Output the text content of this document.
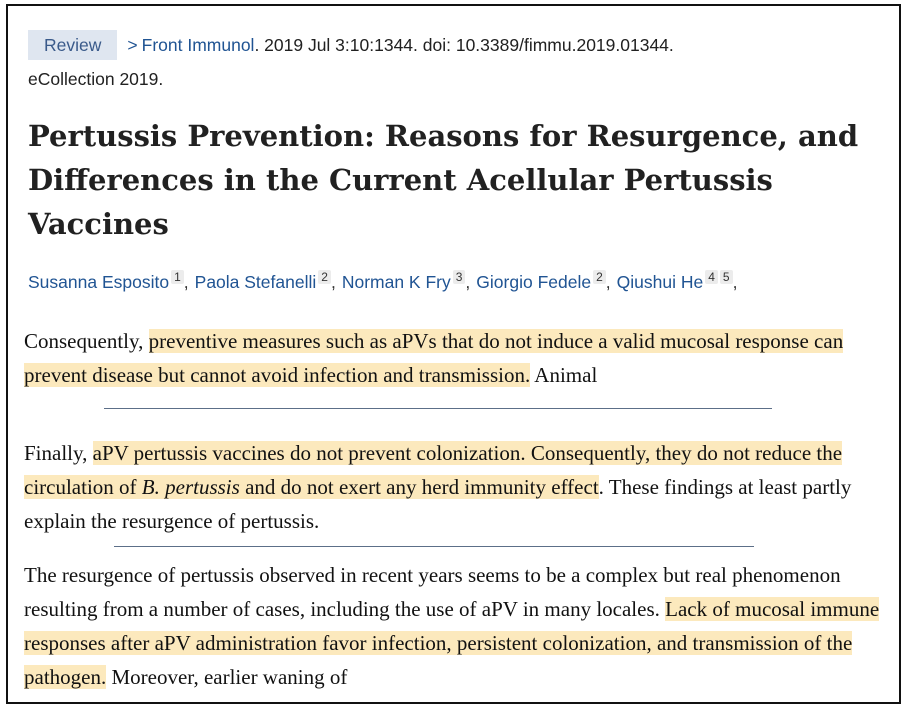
Review > Front Immunol. 2019 Jul 3:10:1344. doi: 10.3389/fimmu.2019.01344.
eCollection 2019.
Pertussis Prevention: Reasons for Resurgence, and Differences in the Current Acellular Pertussis Vaccines
Susanna Esposito 1 , Paola Stefanelli 2 , Norman K Fry 3 , Giorgio Fedele 2 , Qiushui He 4 5 ,

Consequently, preventive measures such as aPVs that do not induce a valid mucosal response can prevent disease but cannot avoid infection and transmission. Animal

Finally, aPV pertussis vaccines do not prevent colonization. Consequently, they do not reduce the circulation of B. pertussis and do not exert any herd immunity effect. These findings at least partly explain the resurgence of pertussis.

The resurgence of pertussis observed in recent years seems to be a complex but real phenomenon resulting from a number of cases, including the use of aPV in many locales. Lack of mucosal immune responses after aPV administration favor infection, persistent colonization, and transmission of the pathogen. Moreover, earlier waning of
